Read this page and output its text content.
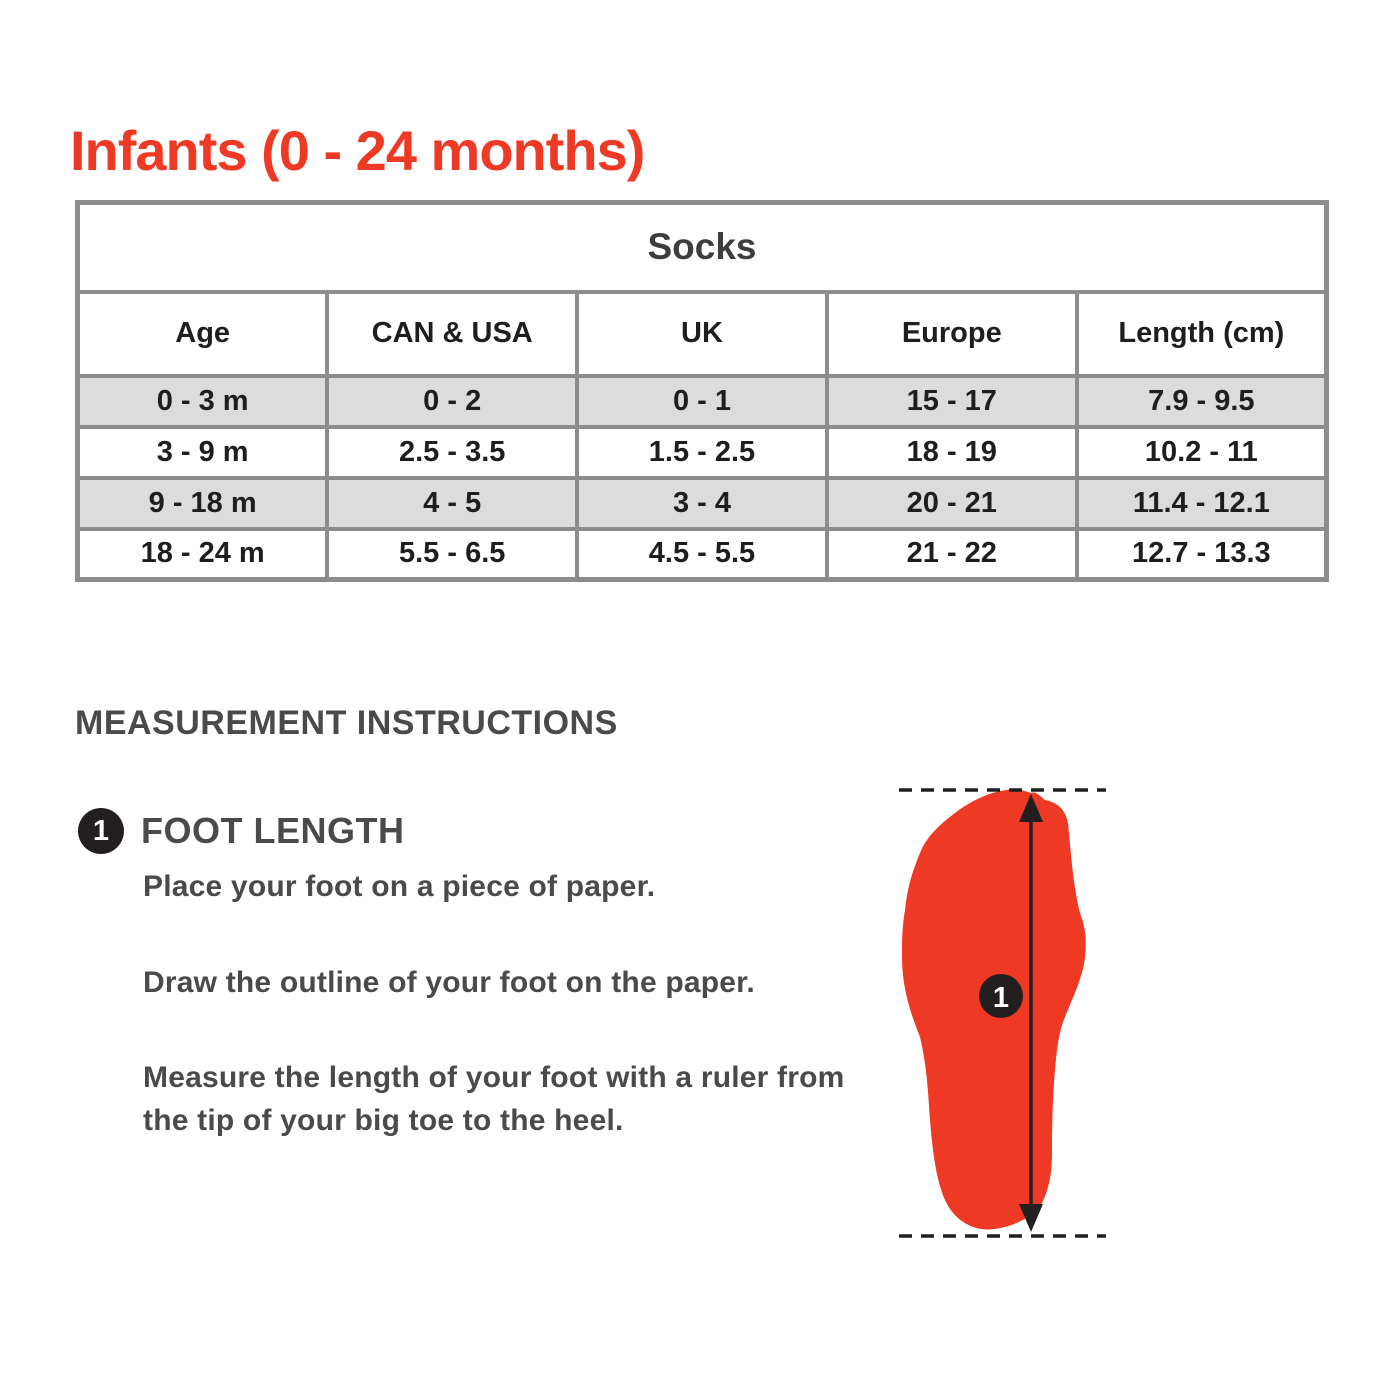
Infants (0 - 24 months)
Socks				
Age	CAN & USA	UK	Europe	Length (cm)
0 - 3 m	0 - 2	0 - 1	15 - 17	7.9 - 9.5
3 - 9 m	2.5 - 3.5	1.5 - 2.5	18 - 19	10.2 - 11
9 - 18 m	4 - 5	3 - 4	20 - 21	11.4 - 12.1
18 - 24 m	5.5 - 6.5	4.5 - 5.5	21 - 22	12.7 - 13.3
MEASUREMENT INSTRUCTIONS
1 FOOT LENGTH

Place your foot on a piece of paper.

Draw the outline of your foot on the paper.

Measure the length of your foot with a ruler from the tip of your big toe to the heel.

1
